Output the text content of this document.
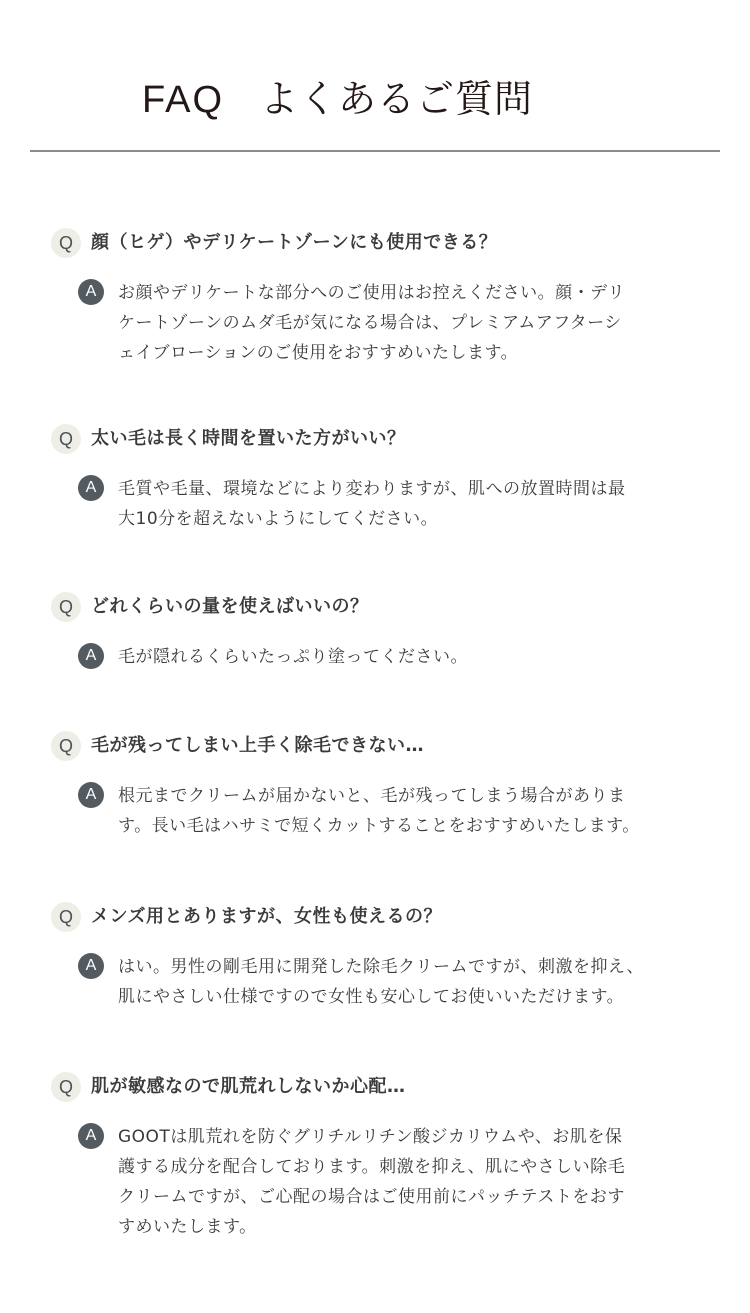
FAQ よくあるご質問
Q	顔（ヒゲ）やデリケートゾーンにも使用できる？
A	お顔やデリケートな部分へのご使用はお控えください。顔・デリ
ケートゾーンのムダ毛が気になる場合は、プレミアムアフターシ
ェイブローションのご使用をおすすめいたします。
Q	太い毛は長く時間を置いた方がいい？
A	毛質や毛量、環境などにより変わりますが、肌への放置時間は最
大10分を超えないようにしてください。
Q	どれくらいの量を使えばいいの？
A	毛が隠れるくらいたっぷり塗ってください。
Q	毛が残ってしまい上手く除毛できない…
A	根元までクリームが届かないと、毛が残ってしまう場合がありま
す。長い毛はハサミで短くカットすることをおすすめいたします。
Q	メンズ用とありますが、女性も使えるの？
A	はい。男性の剛毛用に開発した除毛クリームですが、刺激を抑え、
肌にやさしい仕様ですので女性も安心してお使いいただけます。
Q	肌が敏感なので肌荒れしないか心配…
A	GOOTは肌荒れを防ぐグリチルリチン酸ジカリウムや、お肌を保
護する成分を配合しております。刺激を抑え、肌にやさしい除毛
クリームですが、ご心配の場合はご使用前にパッチテストをおす
すめいたします。
